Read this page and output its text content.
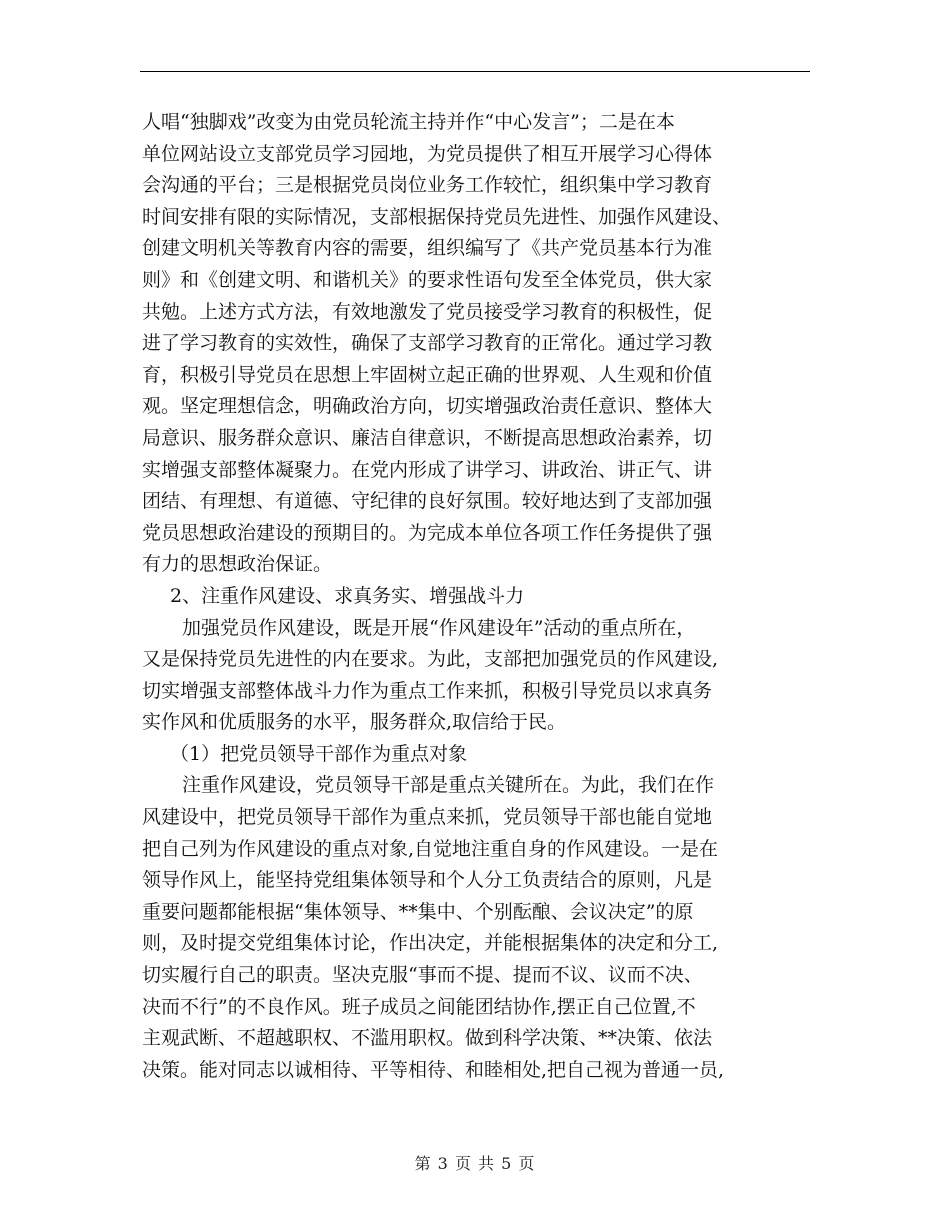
人唱“独脚戏”改变为由党员轮流主持并作“中心发言”；二是在本
单位网站设立支部党员学习园地，为党员提供了相互开展学习心得体
会沟通的平台；三是根据党员岗位业务工作较忙，组织集中学习教育
时间安排有限的实际情况，支部根据保持党员先进性、加强作风建设、
创建文明机关等教育内容的需要，组织编写了《共产党员基本行为准
则》和《创建文明、和谐机关》的要求性语句发至全体党员，供大家
共勉。上述方式方法，有效地激发了党员接受学习教育的积极性，促
进了学习教育的实效性，确保了支部学习教育的正常化。通过学习教
育，积极引导党员在思想上牢固树立起正确的世界观、人生观和价值
观。坚定理想信念，明确政治方向，切实增强政治责任意识、整体大
局意识、服务群众意识、廉洁自律意识，不断提高思想政治素养，切
实增强支部整体凝聚力。在党内形成了讲学习、讲政治、讲正气、讲
团结、有理想、有道德、守纪律的良好氛围。较好地达到了支部加强
党员思想政治建设的预期目的。为完成本单位各项工作任务提供了强
有力的思想政治保证。
2、注重作风建设、求真务实、增强战斗力
加强党员作风建设，既是开展“作风建设年”活动的重点所在，
又是保持党员先进性的内在要求。为此，支部把加强党员的作风建设,
切实增强支部整体战斗力作为重点工作来抓，积极引导党员以求真务
实作风和优质服务的水平，服务群众,取信给于民。
（1）把党员领导干部作为重点对象
注重作风建设，党员领导干部是重点关键所在。为此，我们在作
风建设中，把党员领导干部作为重点来抓，党员领导干部也能自觉地
把自己列为作风建设的重点对象,自觉地注重自身的作风建设。一是在
领导作风上，能坚持党组集体领导和个人分工负责结合的原则，凡是
重要问题都能根据“集体领导、**集中、个别酝酿、会议决定”的原
则，及时提交党组集体讨论，作出决定，并能根据集体的决定和分工,
切实履行自己的职责。坚决克服“事而不提、提而不议、议而不决、
决而不行”的不良作风。班子成员之间能团结协作,摆正自己位置,不
主观武断、不超越职权、不滥用职权。做到科学决策、**决策、依法
决策。能对同志以诚相待、平等相待、和睦相处,把自己视为普通一员,
第 3 页 共 5 页
